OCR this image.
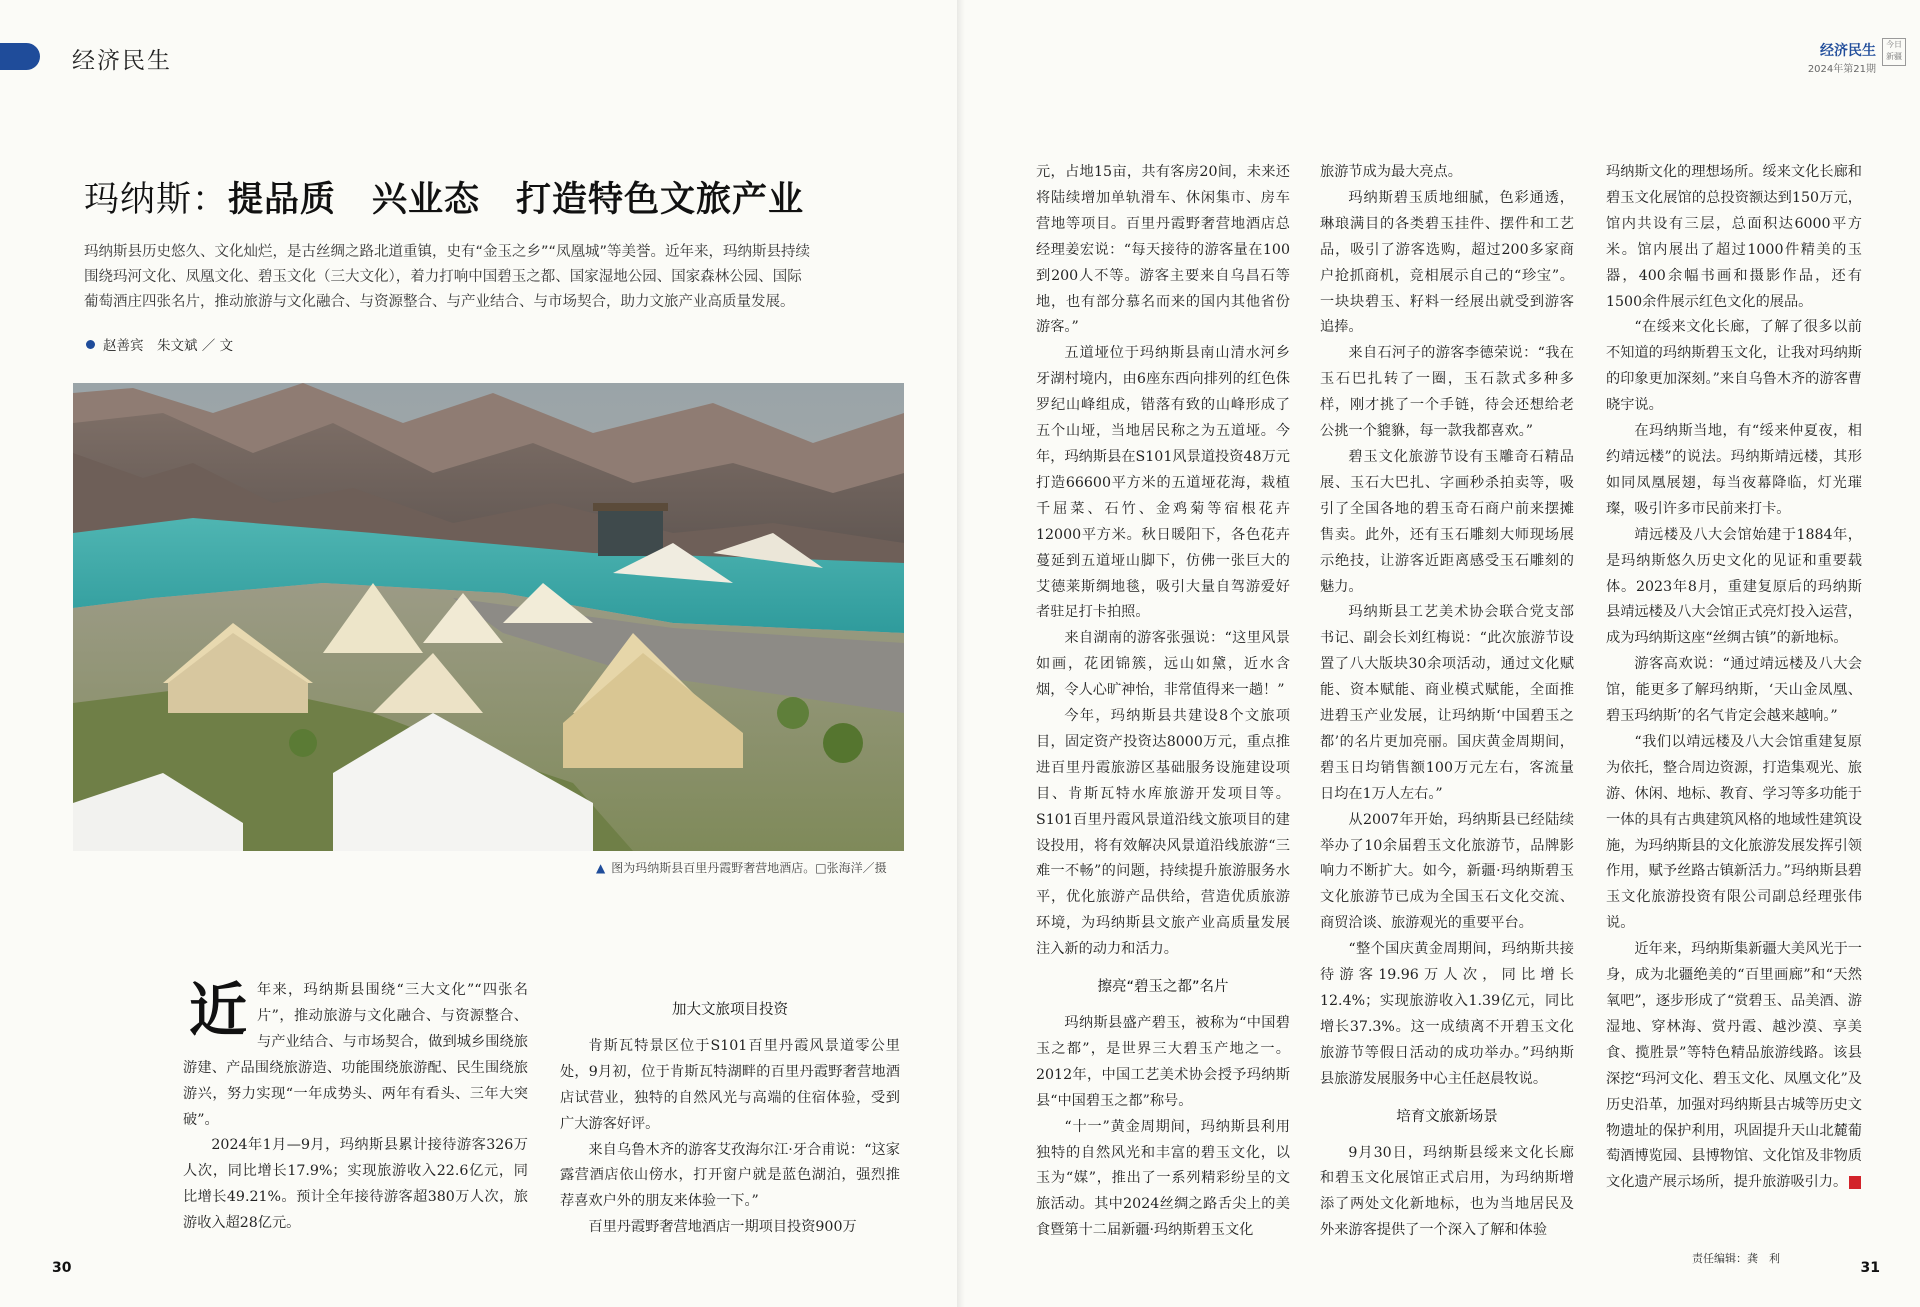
经济民生	经济民生
2024年第21期
今日新疆
玛纳斯：提品质　兴业态　打造特色文旅产业
玛纳斯县历史悠久、文化灿烂，是古丝绸之路北道重镇，史有“金玉之乡”“凤凰城”等美誉。近年来，玛纳斯县持续围绕玛河文化、凤凰文化、碧玉文化（三大文化），着力打响中国碧玉之都、国家湿地公园、国家森林公园、国际葡萄酒庄四张名片，推动旅游与文化融合、与资源整合、与产业结合、与市场契合，助力文旅产业高质量发展。
赵善宾　朱文斌 ／ 文
▲ 图为玛纳斯县百里丹霞野奢营地酒店。□张海洋／摄
近 年来，玛纳斯县围绕“三大文化”“四张名片”，推动旅游与文化融合、与资源整合、与产业结合、与市场契合，做到城乡围绕旅游建、产品围绕旅游造、功能围绕旅游配、民生围绕旅游兴，努力实现“一年成势头、两年有看头、三年大突破”。

2024年1月—9月，玛纳斯县累计接待游客326万人次，同比增长17.9%；实现旅游收入22.6亿元，同比增长49.21%。预计全年接待游客超380万人次，旅游收入超28亿元。

加大文旅项目投资

肯斯瓦特景区位于S101百里丹霞风景道零公里处，9月初，位于肯斯瓦特湖畔的百里丹霞野奢营地酒店试营业，独特的自然风光与高端的住宿体验，受到广大游客好评。

来自乌鲁木齐的游客艾孜海尔江·牙合甫说：“这家露营酒店依山傍水，打开窗户就是蓝色湖泊，强烈推荐喜欢户外的朋友来体验一下。”

百里丹霞野奢营地酒店一期项目投资900万

元，占地15亩，共有客房20间，未来还将陆续增加单轨滑车、休闲集市、房车营地等项目。百里丹霞野奢营地酒店总经理姜宏说：“每天接待的游客量在100到200人不等。游客主要来自乌昌石等地，也有部分慕名而来的国内其他省份游客。”

五道垭位于玛纳斯县南山清水河乡牙湖村境内，由6座东西向排列的红色侏罗纪山峰组成，错落有致的山峰形成了五个山垭，当地居民称之为五道垭。今年，玛纳斯县在S101风景道投资48万元打造66600平方米的五道垭花海，栽植千屈菜、石竹、金鸡菊等宿根花卉12000平方米。秋日暖阳下，各色花卉蔓延到五道垭山脚下，仿佛一张巨大的艾德莱斯绸地毯，吸引大量自驾游爱好者驻足打卡拍照。

来自湖南的游客张强说：“这里风景如画，花团锦簇，远山如黛，近水含烟，令人心旷神怡，非常值得来一趟！”

今年，玛纳斯县共建设8个文旅项目，固定资产投资达8000万元，重点推进百里丹霞旅游区基础服务设施建设项目、肯斯瓦特水库旅游开发项目等。S101百里丹霞风景道沿线文旅项目的建设投用，将有效解决风景道沿线旅游“三难一不畅”的问题，持续提升旅游服务水平，优化旅游产品供给，营造优质旅游环境，为玛纳斯县文旅产业高质量发展注入新的动力和活力。

擦亮“碧玉之都”名片

玛纳斯县盛产碧玉，被称为“中国碧玉之都”，是世界三大碧玉产地之一。2012年，中国工艺美术协会授予玛纳斯县“中国碧玉之都”称号。

“十一”黄金周期间，玛纳斯县利用独特的自然风光和丰富的碧玉文化，以玉为“媒”，推出了一系列精彩纷呈的文旅活动。其中2024丝绸之路舌尖上的美食暨第十二届新疆·玛纳斯碧玉文化

旅游节成为最大亮点。

玛纳斯碧玉质地细腻，色彩通透，琳琅满目的各类碧玉挂件、摆件和工艺品，吸引了游客选购，超过200多家商户抢抓商机，竞相展示自己的“珍宝”。一块块碧玉、籽料一经展出就受到游客追捧。

来自石河子的游客李德荣说：“我在玉石巴扎转了一圈，玉石款式多种多样，刚才挑了一个手链，待会还想给老公挑一个貔貅，每一款我都喜欢。”

碧玉文化旅游节设有玉雕奇石精品展、玉石大巴扎、字画秒杀拍卖等，吸引了全国各地的碧玉奇石商户前来摆摊售卖。此外，还有玉石雕刻大师现场展示绝技，让游客近距离感受玉石雕刻的魅力。

玛纳斯县工艺美术协会联合党支部书记、副会长刘红梅说：“此次旅游节设置了八大版块30余项活动，通过文化赋能、资本赋能、商业模式赋能，全面推进碧玉产业发展，让玛纳斯‘中国碧玉之都’的名片更加亮丽。国庆黄金周期间，碧玉日均销售额100万元左右，客流量日均在1万人左右。”

从2007年开始，玛纳斯县已经陆续举办了10余届碧玉文化旅游节，品牌影响力不断扩大。如今，新疆·玛纳斯碧玉文化旅游节已成为全国玉石文化交流、商贸洽谈、旅游观光的重要平台。

“整个国庆黄金周期间，玛纳斯共接待游客19.96万人次，同比增长12.4%；实现旅游收入1.39亿元，同比增长37.3%。这一成绩离不开碧玉文化旅游节等假日活动的成功举办。”玛纳斯县旅游发展服务中心主任赵晨牧说。

培育文旅新场景

9月30日，玛纳斯县绥来文化长廊和碧玉文化展馆正式启用，为玛纳斯增添了两处文化新地标，也为当地居民及外来游客提供了一个深入了解和体验

玛纳斯文化的理想场所。绥来文化长廊和碧玉文化展馆的总投资额达到150万元，馆内共设有三层，总面积达6000平方米。馆内展出了超过1000件精美的玉器，400余幅书画和摄影作品，还有1500余件展示红色文化的展品。

“在绥来文化长廊，了解了很多以前不知道的玛纳斯碧玉文化，让我对玛纳斯的印象更加深刻。”来自乌鲁木齐的游客曹晓宇说。

在玛纳斯当地，有“绥来仲夏夜，相约靖远楼”的说法。玛纳斯靖远楼，其形如同凤凰展翅，每当夜幕降临，灯光璀璨，吸引许多市民前来打卡。

靖远楼及八大会馆始建于1884年，是玛纳斯悠久历史文化的见证和重要载体。2023年8月，重建复原后的玛纳斯县靖远楼及八大会馆正式亮灯投入运营，成为玛纳斯这座“丝绸古镇”的新地标。

游客高欢说：“通过靖远楼及八大会馆，能更多了解玛纳斯，‘天山金凤凰、碧玉玛纳斯’的名气肯定会越来越响。”

“我们以靖远楼及八大会馆重建复原为依托，整合周边资源，打造集观光、旅游、休闲、地标、教育、学习等多功能于一体的具有古典建筑风格的地域性建筑设施，为玛纳斯县的文化旅游发展发挥引领作用，赋予丝路古镇新活力。”玛纳斯县碧玉文化旅游投资有限公司副总经理张伟说。

近年来，玛纳斯集新疆大美风光于一身，成为北疆绝美的“百里画廊”和“天然氧吧”，逐步形成了“赏碧玉、品美酒、游湿地、穿林海、赏丹霞、越沙漠、享美食、揽胜景”等特色精品旅游线路。该县深挖“玛河文化、碧玉文化、凤凰文化”及历史沿革，加强对玛纳斯县古城等历史文物遗址的保护利用，巩固提升天山北麓葡萄酒博览园、县博物馆、文化馆及非物质文化遗产展示场所，提升旅游吸引力。

30	31
责任编辑：龚　利
